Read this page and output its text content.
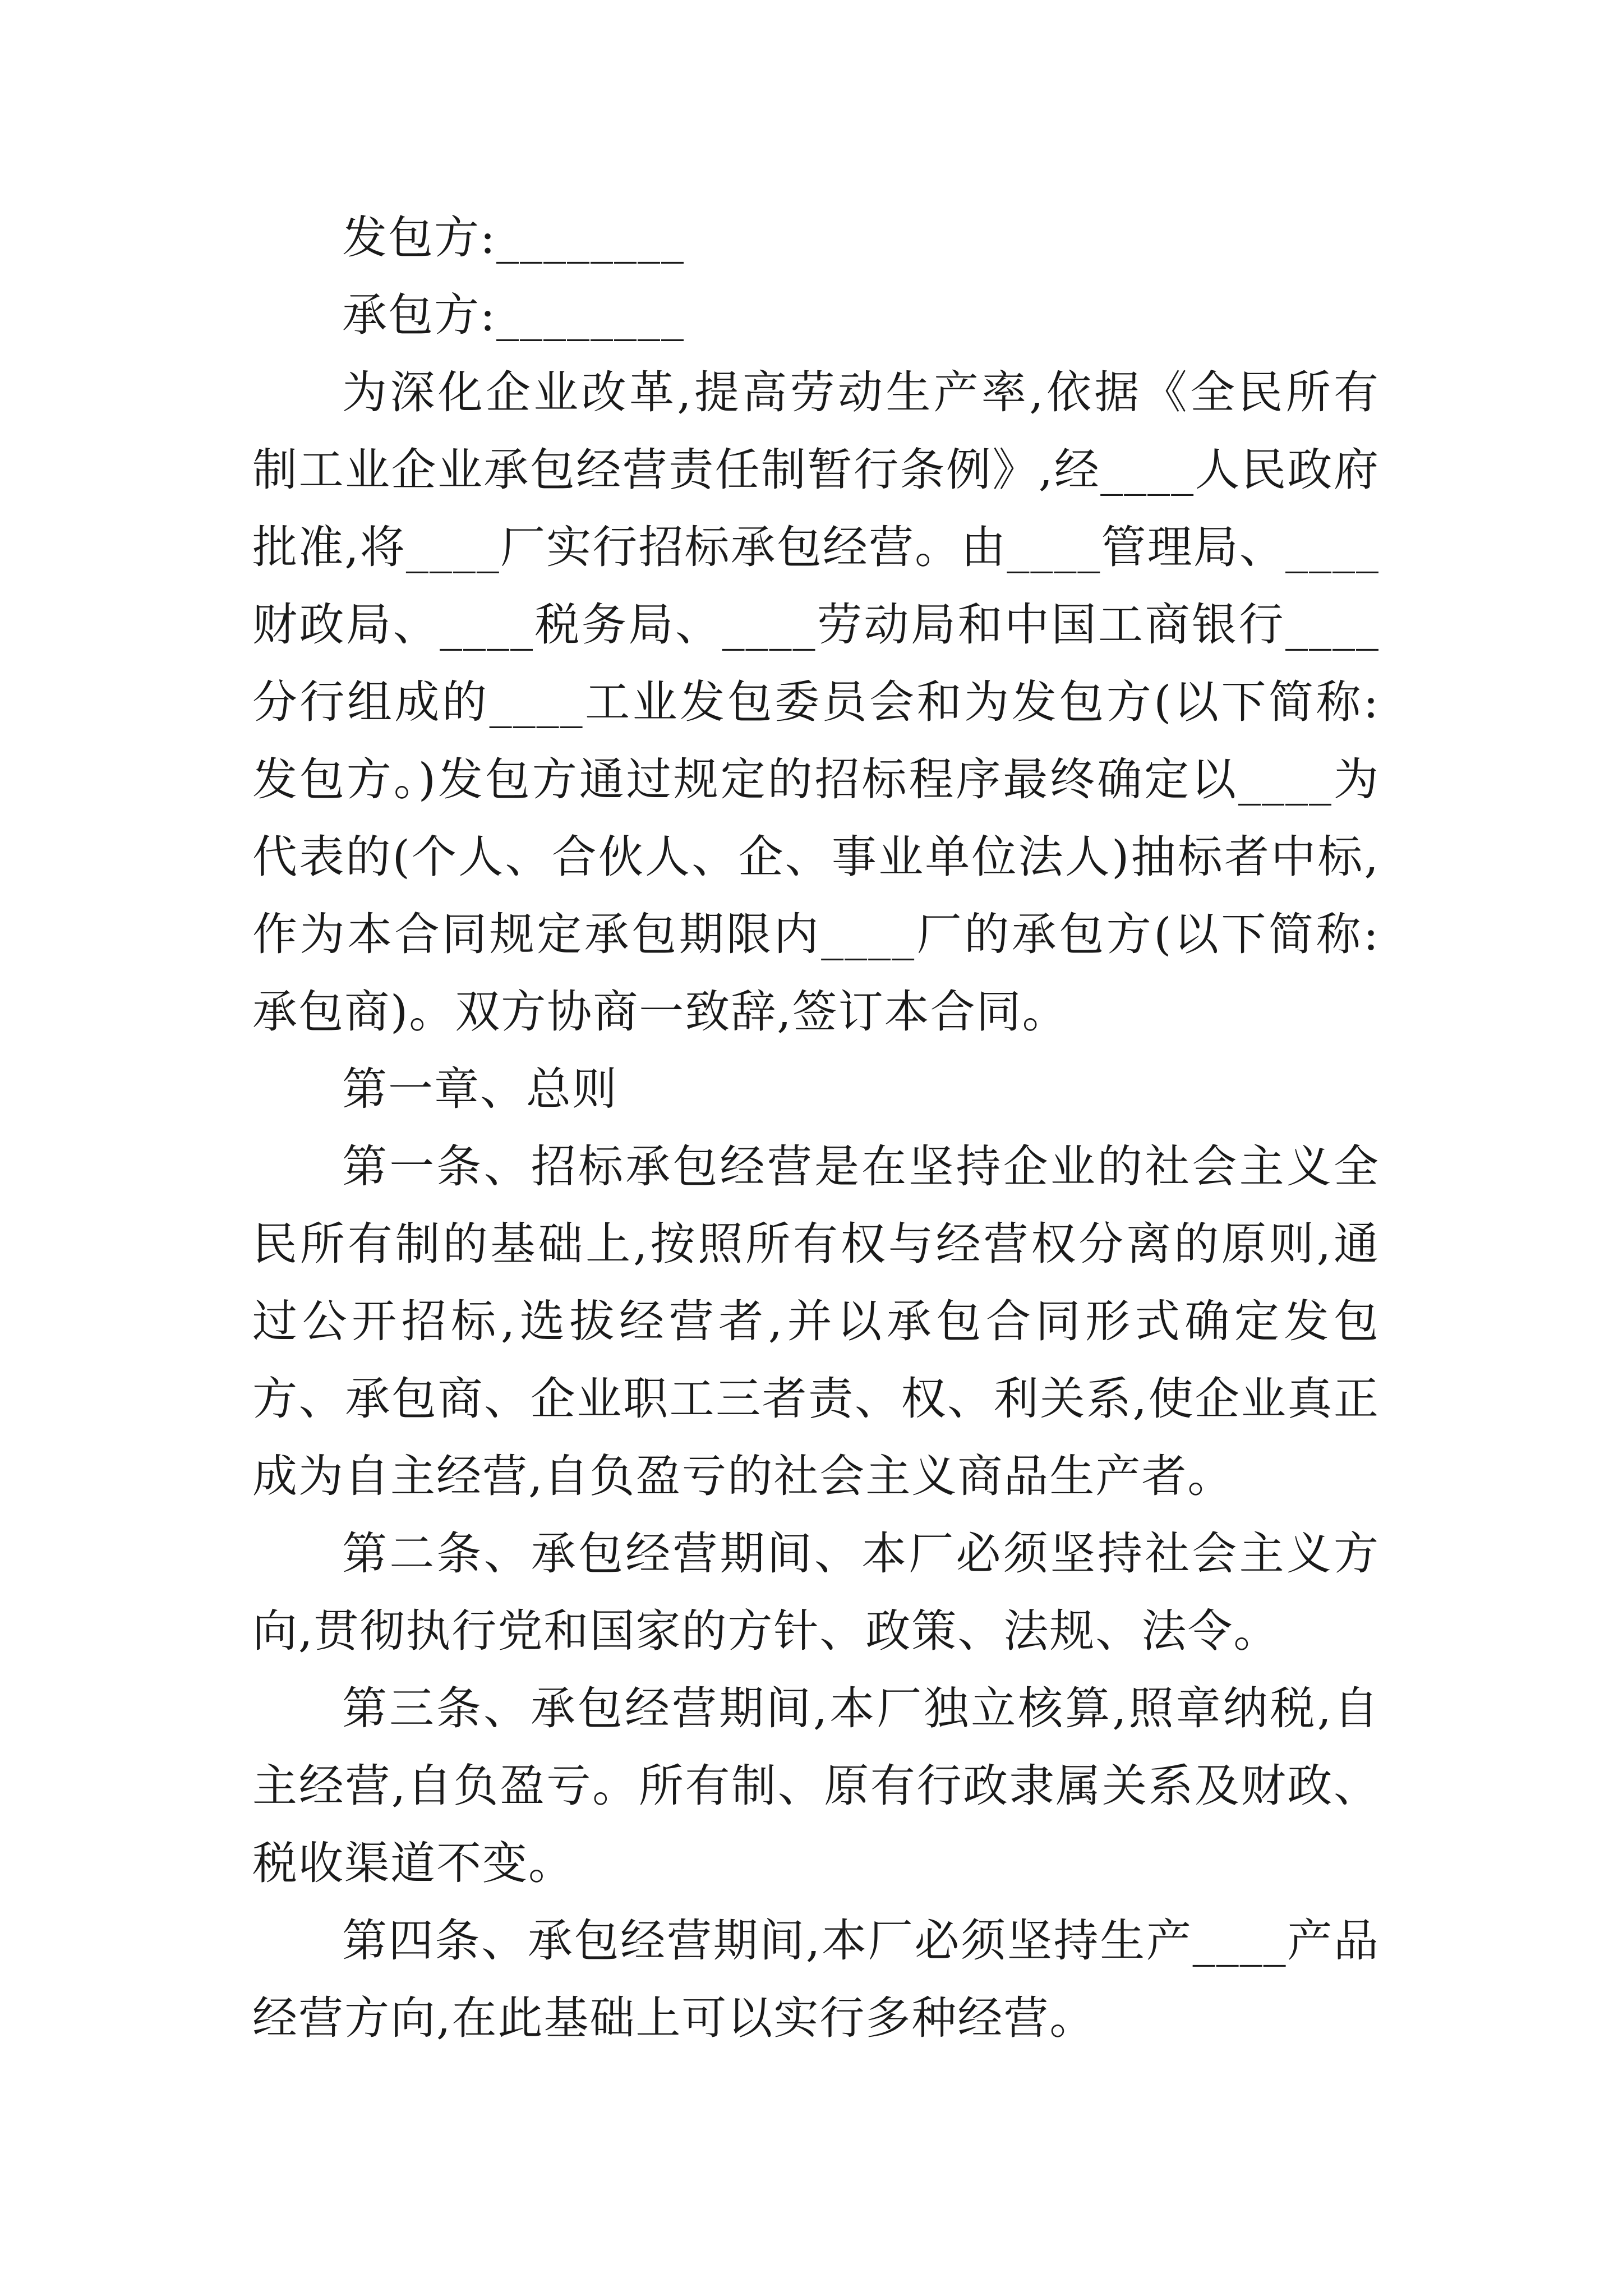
发包方:________

承包方:________

为深化企业改革,提高劳动生产率,依据《全民所有制工业企业承包经营责任制暂行条例》,经____人民政府批准,将____厂实行招标承包经营。由____管理局、____财政局、____税务局、____劳动局和中国工商银行____分行组成的____工业发包委员会和为发包方(以下简称:发包方。)发包方通过规定的招标程序最终确定以____为代表的(个人、合伙人、企、事业单位法人)抽标者中标,作为本合同规定承包期限内____厂的承包方(以下简称:承包商)。双方协商一致辞,签订本合同。

第一章、总则

第一条、招标承包经营是在坚持企业的社会主义全民所有制的基础上,按照所有权与经营权分离的原则,通过公开招标,选拔经营者,并以承包合同形式确定发包方、承包商、企业职工三者责、权、利关系,使企业真正成为自主经营,自负盈亏的社会主义商品生产者。

第二条、承包经营期间、本厂必须坚持社会主义方向,贯彻执行党和国家的方针、政策、法规、法令。

第三条、承包经营期间,本厂独立核算,照章纳税,自主经营,自负盈亏。所有制、原有行政隶属关系及财政、税收渠道不变。

第四条、承包经营期间,本厂必须坚持生产____产品经营方向,在此基础上可以实行多种经营。
